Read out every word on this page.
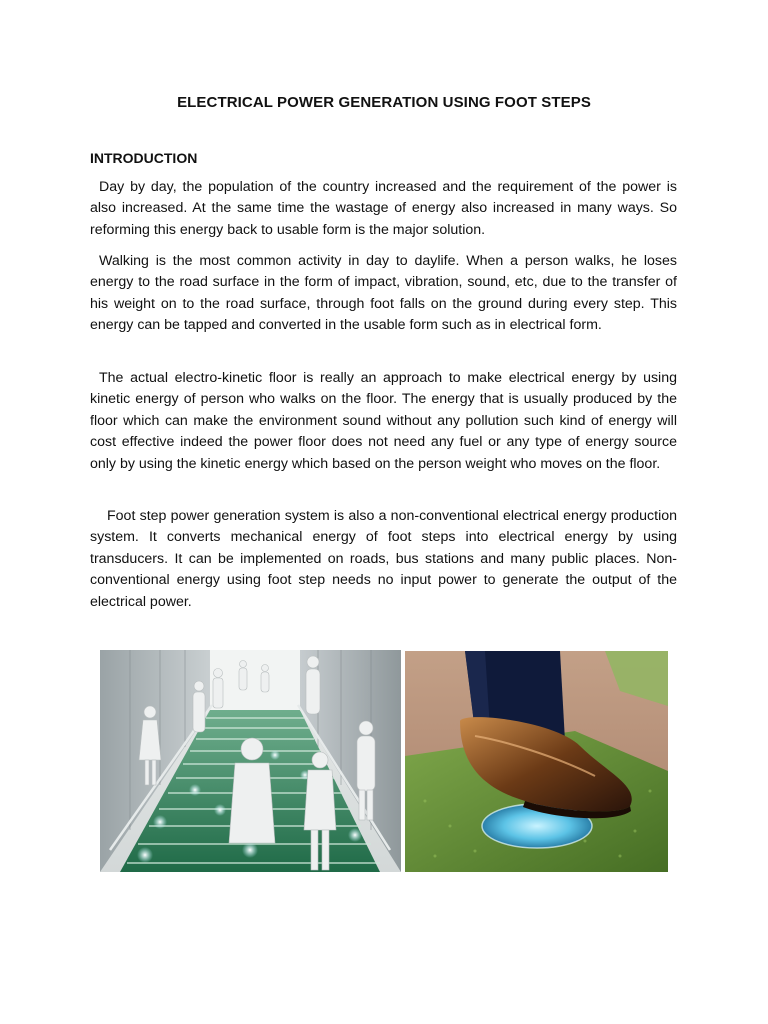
ELECTRICAL POWER GENERATION USING FOOT STEPS
INTRODUCTION

Day by day, the population of the country increased and the requirement of the power is also increased. At the same time the wastage of energy also increased in many ways. So reforming this energy back to usable form is the major solution.

Walking is the most common activity in day to daylife. When a person walks, he loses energy to the road surface in the form of impact, vibration, sound, etc, due to the transfer of his weight on to the road surface, through foot falls on the ground during every step. This energy can be tapped and converted in the usable form such as in electrical form.

The actual electro-kinetic floor is really an approach to make electrical energy by using kinetic energy of person who walks on the floor. The energy that is usually produced by the floor which can make the environment sound without any pollution such kind of energy will cost effective indeed the power floor does not need any fuel or any type of energy source only by using the kinetic energy which based on the person weight who moves on the floor.

Foot step power generation system is also a non-conventional electrical energy production system. It converts mechanical energy of foot steps into electrical energy by using transducers. It can be implemented on roads, bus stations and many public places. Non-conventional energy using foot step needs no input power to generate the output of the electrical power.
